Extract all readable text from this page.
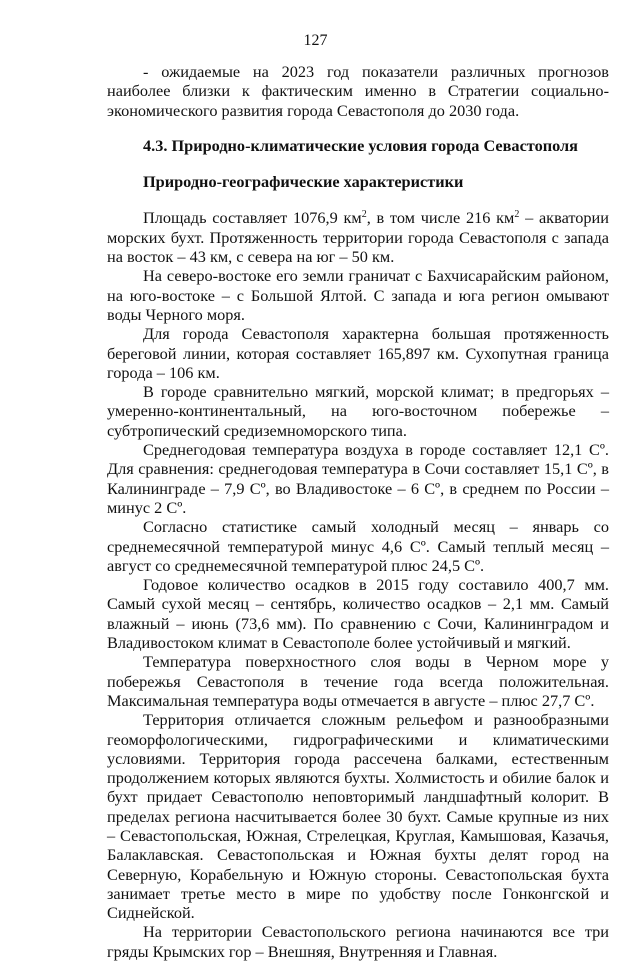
127

- ожидаемые на 2023 год показатели различных прогнозов наиболее близки к фактическим именно в Стратегии социально-экономического развития города Севастополя до 2030 года.

4.3. Природно-климатические условия города Севастополя
Природно-географические характеристики

Площадь составляет 1076,9 $км^2$, в том числе 216 $км^2$ – акватории морских бухт. Протяженность территории города Севастополя с запада на восток – 43 км, с севера на юг – 50 км.

На северо-востоке его земли граничат с Бахчисарайским районом, на юго-востоке – с Большой Ялтой. С запада и юга регион омывают воды Черного моря.

Для города Севастополя характерна большая протяженность береговой линии, которая составляет 165,897 км. Сухопутная граница города – 106 км.

В городе сравнительно мягкий, морской климат; в предгорьях – умеренно-континентальный, на юго-восточном побережье – субтропический средиземноморского типа.

Среднегодовая температура воздуха в городе составляет 12,1 Cº. Для сравнения: среднегодовая температура в Сочи составляет 15,1 Cº, в Калининграде – 7,9 Cº, во Владивостоке – 6 Cº, в среднем по России – минус 2 Cº.

Согласно статистике самый холодный месяц – январь со среднемесячной температурой минус 4,6 Cº. Самый теплый месяц – август со среднемесячной температурой плюс 24,5 Cº.

Годовое количество осадков в 2015 году составило 400,7 мм. Самый сухой месяц – сентябрь, количество осадков – 2,1 мм. Самый влажный – июнь (73,6 мм). По сравнению с Сочи, Калининградом и Владивостоком климат в Севастополе более устойчивый и мягкий.

Температура поверхностного слоя воды в Черном море у побережья Севастополя в течение года всегда положительная. Максимальная температура воды отмечается в августе – плюс 27,7 Cº.

Территория отличается сложным рельефом и разнообразными геоморфологическими, гидрографическими и климатическими условиями. Территория города рассечена балками, естественным продолжением которых являются бухты. Холмистость и обилие балок и бухт придает Севастополю неповторимый ландшафтный колорит. В пределах региона насчитывается более 30 бухт. Самые крупные из них – Севастопольская, Южная, Стрелецкая, Круглая, Камышовая, Казачья, Балаклавская. Севастопольская и Южная бухты делят город на Северную, Корабельную и Южную стороны. Севастопольская бухта занимает третье место в мире по удобству после Гонконгской и Сиднейской.

На территории Севастопольского региона начинаются все три гряды Крымских гор – Внешняя, Внутренняя и Главная.
